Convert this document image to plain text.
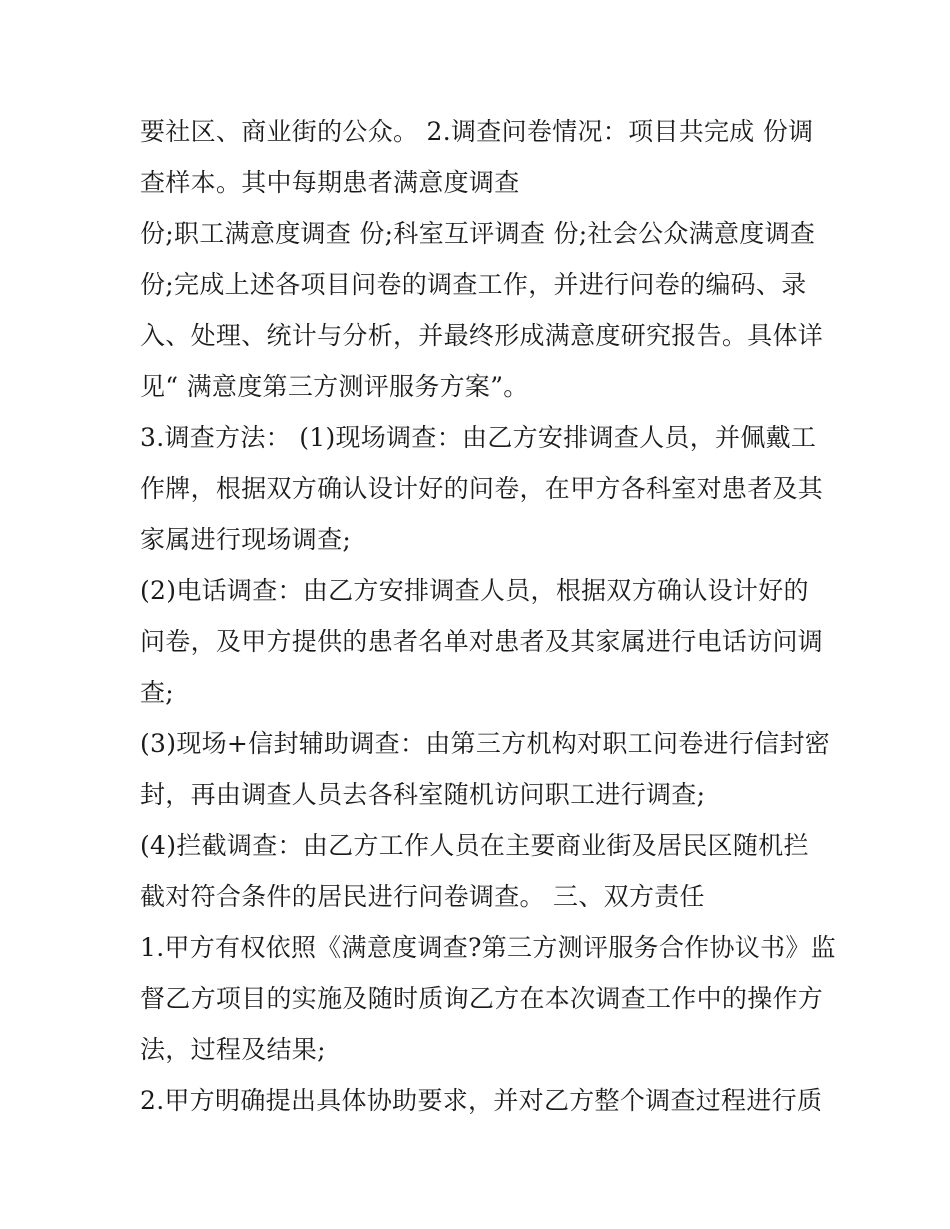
要社区、商业街的公众。 2.调查问卷情况：项目共完成 份调
查样本。其中每期患者满意度调查
份;职工满意度调查 份;科室互评调查 份;社会公众满意度调查
份;完成上述各项目问卷的调查工作，并进行问卷的编码、录
入、处理、统计与分析，并最终形成满意度研究报告。具体详
见“ 满意度第三方测评服务方案”。
3.调查方法： (1)现场调查：由乙方安排调查人员，并佩戴工
作牌，根据双方确认设计好的问卷，在甲方各科室对患者及其
家属进行现场调查;
(2)电话调查：由乙方安排调查人员，根据双方确认设计好的
问卷，及甲方提供的患者名单对患者及其家属进行电话访问调
查;
(3)现场+信封辅助调查：由第三方机构对职工问卷进行信封密
封，再由调查人员去各科室随机访问职工进行调查;
(4)拦截调查：由乙方工作人员在主要商业街及居民区随机拦
截对符合条件的居民进行问卷调查。 三、双方责任
1.甲方有权依照《满意度调查?第三方测评服务合作协议书》监
督乙方项目的实施及随时质询乙方在本次调查工作中的操作方
法，过程及结果;
2.甲方明确提出具体协助要求，并对乙方整个调查过程进行质
